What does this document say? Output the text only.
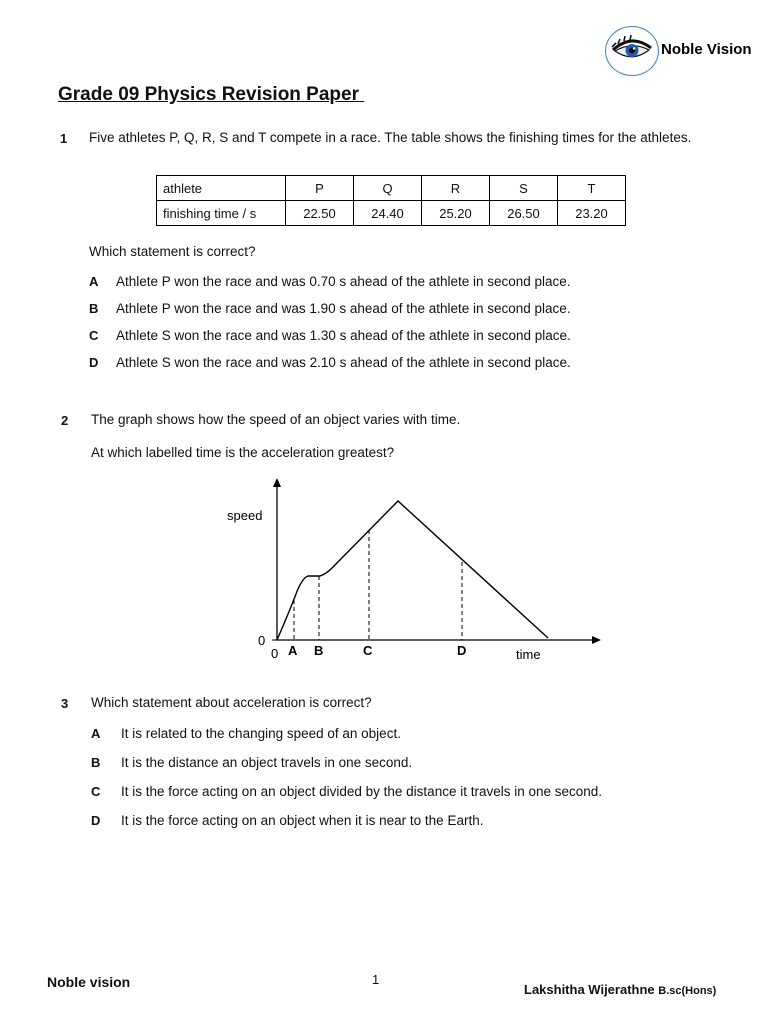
Noble Vision
Grade 09 Physics Revision Paper
1 Five athletes P, Q, R, S and T compete in a race. The table shows the finishing times for the athletes.
athlete	P	Q	R	S	T
finishing time / s	22.50	24.40	25.20	26.50	23.20
Which statement is correct?
A Athlete P won the race and was 0.70 s ahead of the athlete in second place.
B Athlete P won the race and was 1.90 s ahead of the athlete in second place.
C Athlete S won the race and was 1.30 s ahead of the athlete in second place.
D Athlete S won the race and was 2.10 s ahead of the athlete in second place.
2 The graph shows how the speed of an object varies with time.
At which labelled time is the acceleration greatest?
speed
0
0 A B	C	D	time
3 Which statement about acceleration is correct?
A It is related to the changing speed of an object.
B It is the distance an object travels in one second.
C It is the force acting on an object divided by the distance it travels in one second.
D It is the force acting on an object when it is near to the Earth.
Noble vision	1
Lakshitha Wijerathne B.sc(Hons)
